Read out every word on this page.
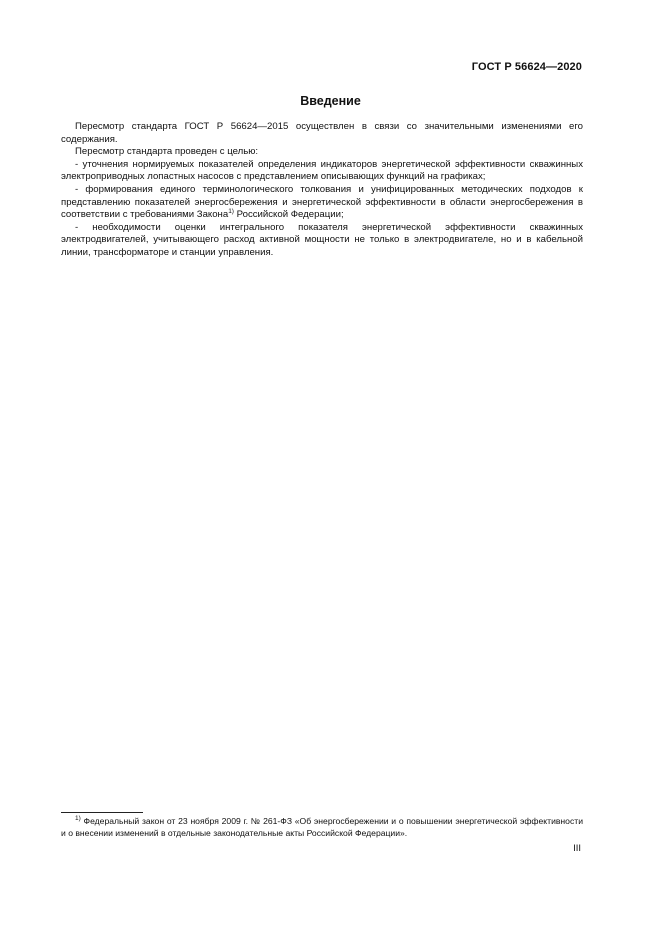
ГОСТ Р 56624—2020
Введение

Пересмотр стандарта ГОСТ Р 56624—2015 осуществлен в связи со значительными изменениями его содержания.

Пересмотр стандарта проведен с целью:

- уточнения нормируемых показателей определения индикаторов энергетической эффективности скважинных электроприводных лопастных насосов с представлением описывающих функций на графиках;

- формирования единого терминологического толкования и унифицированных методических подходов к представлению показателей энергосбережения и энергетической эффективности в области энергосбережения в соответствии с требованиями Закона$^{1)}$ Российской Федерации;

- необходимости оценки интегрального показателя энергетической эффективности скважинных электродвигателей, учитывающего расход активной мощности не только в электродвигателе, но и в кабельной линии, трансформаторе и станции управления.

$^{1)}$ Федеральный закон от 23 ноября 2009 г. № 261-ФЗ «Об энергосбережении и о повышении энергетической эффективности и о внесении изменений в отдельные законодательные акты Российской Федерации».

III
